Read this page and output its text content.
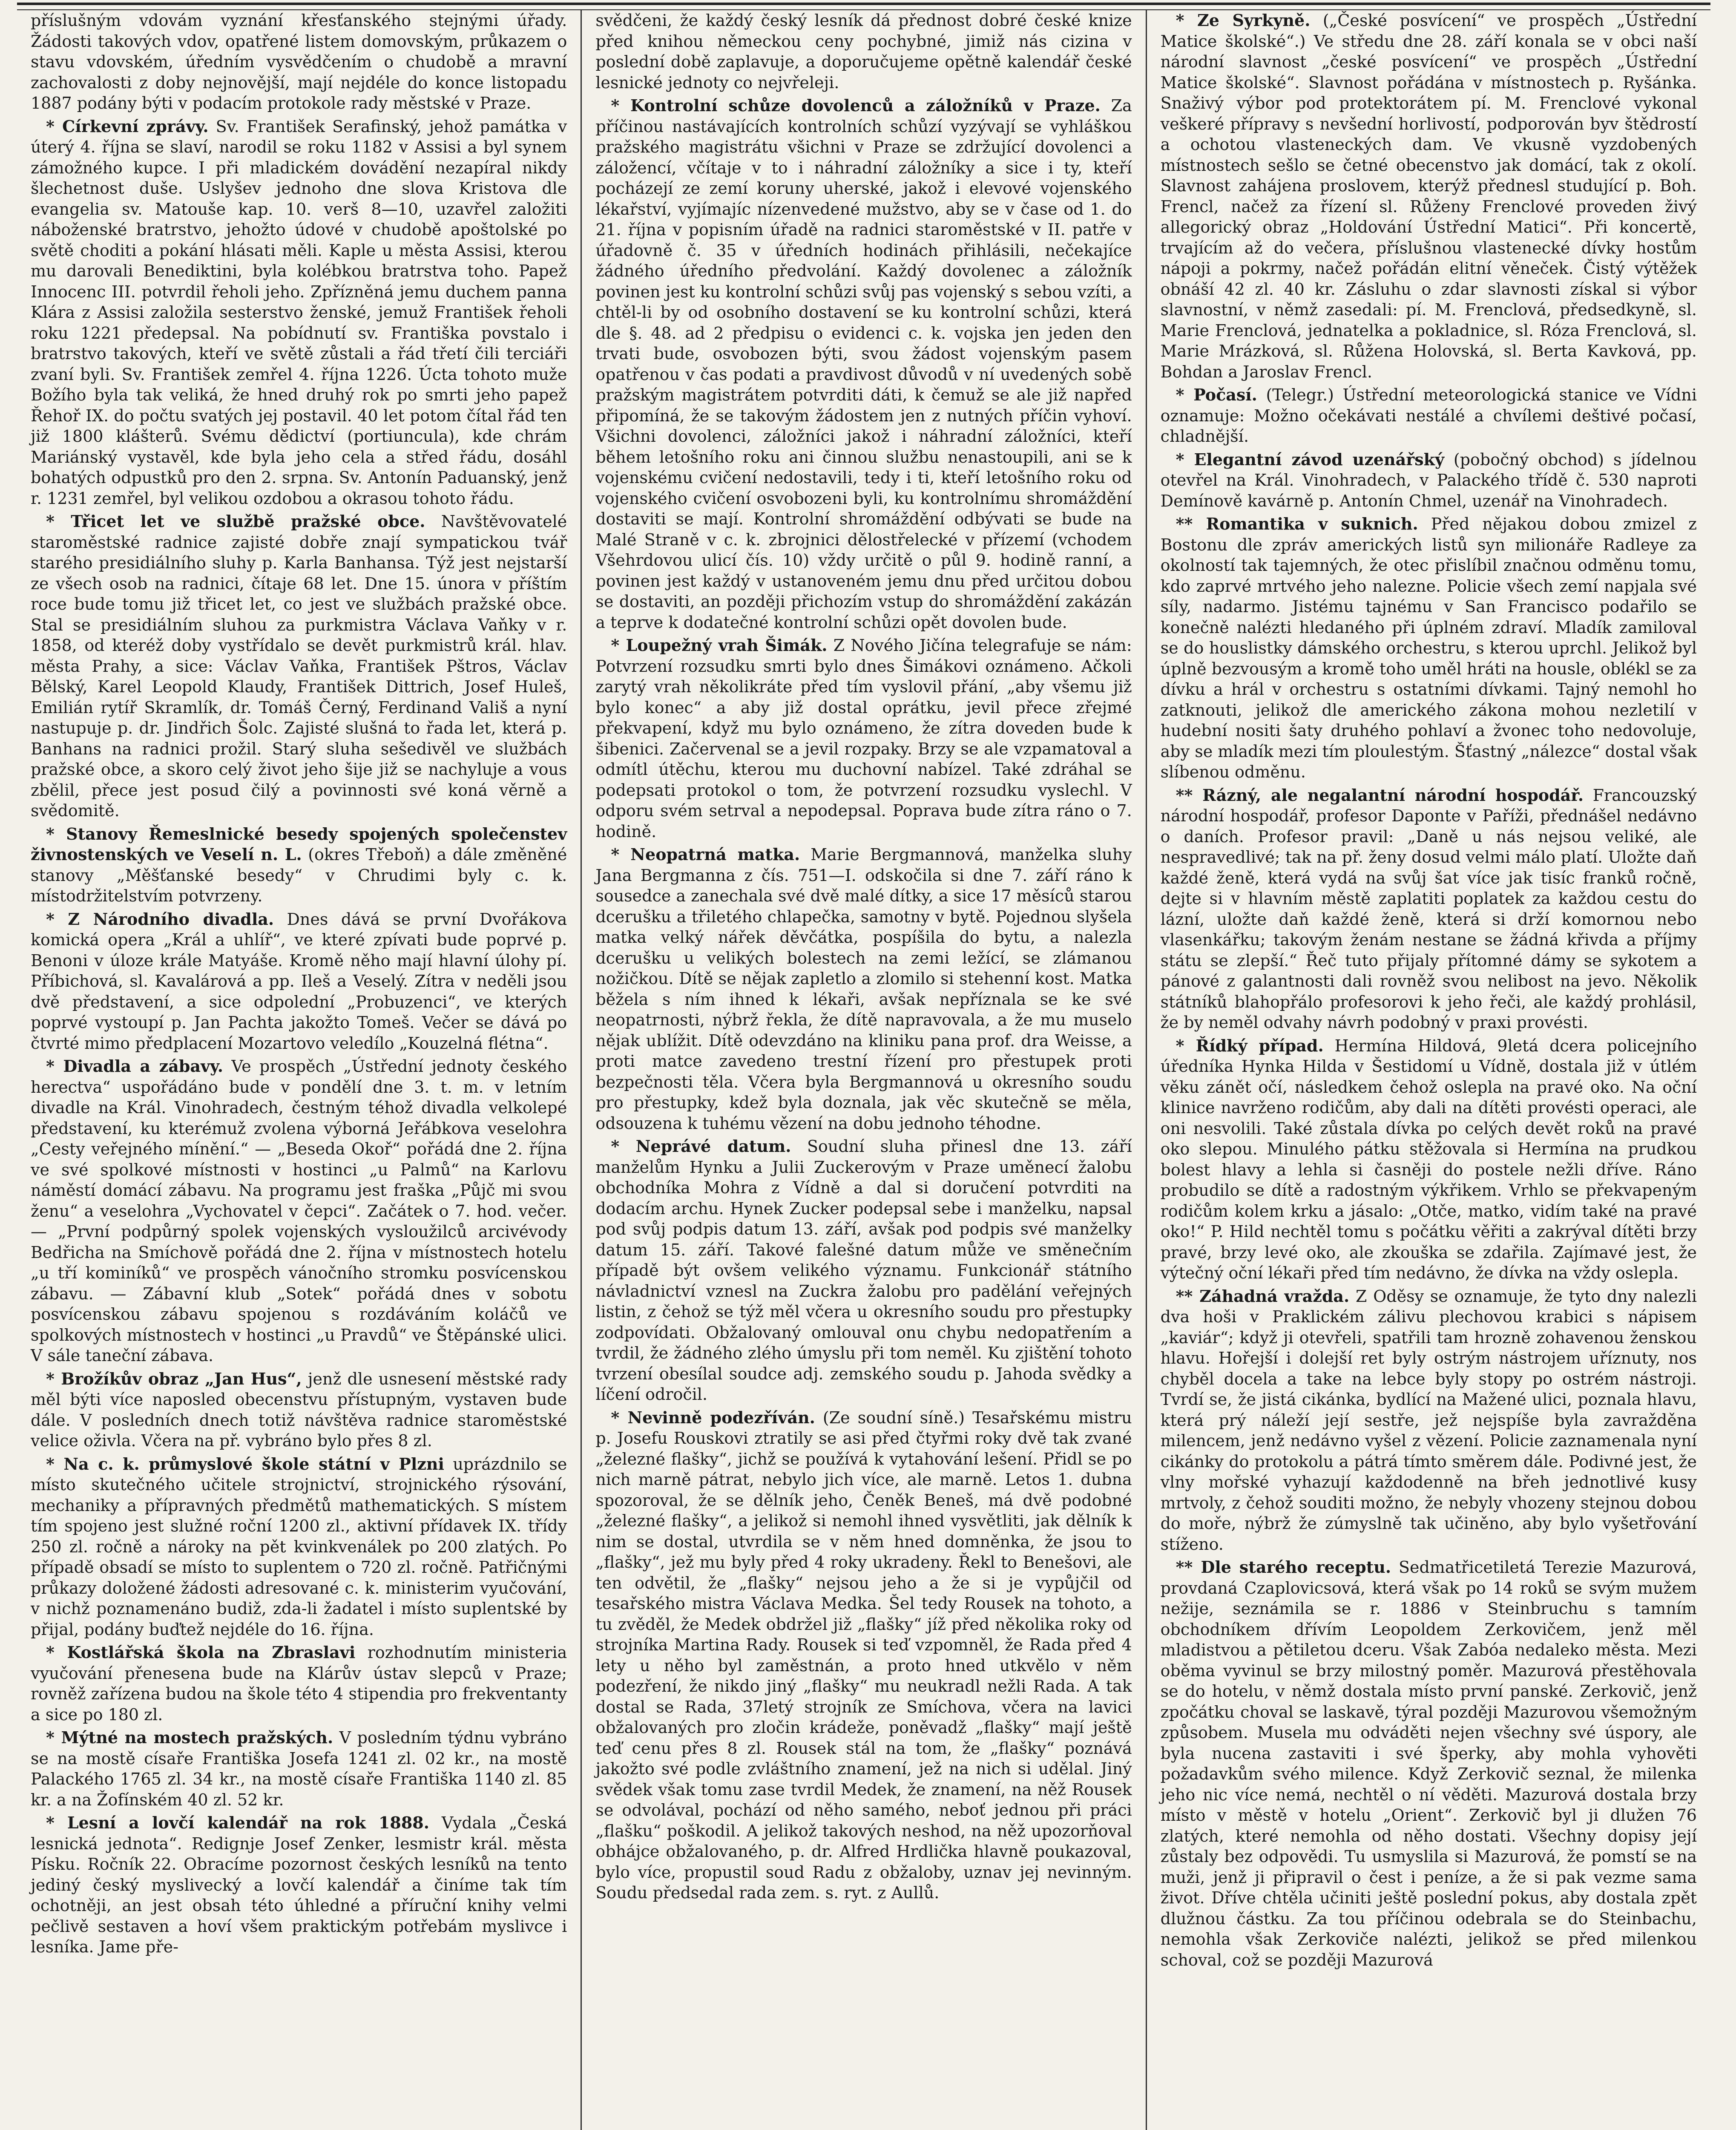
příslušným vdovám vyznání křesťanského stejnými úřady. Žádosti takových vdov, opatřené listem domovským, průkazem o stavu vdovském, úředním vysvědčením o chudobě a mravní zachovalosti z doby nejnovější, mají nejdéle do konce listopadu 1887 podány býti v podacím protokole rady městské v Praze.

* Církevní zprávy. Sv. František Serafinský, jehož památka v úterý 4. října se slaví, narodil se roku 1182 v Assisi a byl synem zámožného kupce. I při mladickém dovádění nezapíral nikdy šlechetnost duše. Uslyšev jednoho dne slova Kristova dle evangelia sv. Matouše kap. 10. verš 8—10, uzavřel založiti náboženské bratrstvo, jehožto údové v chudobě apoštolské po světě choditi a pokání hlásati měli. Kaple u města Assisi, kterou mu darovali Benediktini, byla kolébkou bratrstva toho. Papež Innocenc III. potvrdil řeholi jeho. Zpřízněná jemu duchem panna Klára z Assisi založila sesterstvo ženské, jemuž František řeholi roku 1221 předepsal. Na pobídnutí sv. Františka povstalo i bratrstvo takových, kteří ve světě zůstali a řád třetí čili terciáři zvaní byli. Sv. František zemřel 4. října 1226. Úcta tohoto muže Božího byla tak veliká, že hned druhý rok po smrti jeho papež Řehoř IX. do počtu svatých jej postavil. 40 let potom čítal řád ten již 1800 klášterů. Svému dědictví (portiuncula), kde chrám Mariánský vystavěl, kde byla jeho cela a střed řádu, dosáhl bohatých odpustků pro den 2. srpna. Sv. Antonín Paduanský, jenž r. 1231 zemřel, byl velikou ozdobou a okrasou tohoto řádu.

* Třicet let ve službě pražské obce. Navštěvovatelé staroměstské radnice zajisté dobře znají sympatickou tvář starého presidiálního sluhy p. Karla Banhansa. Týž jest nejstarší ze všech osob na radnici, čítaje 68 let. Dne 15. února v příštím roce bude tomu již třicet let, co jest ve službách pražské obce. Stal se presidiálním sluhou za purkmistra Václava Vaňky v r. 1858, od kteréž doby vystřídalo se devět purkmistrů král. hlav. města Prahy, a sice: Václav Vaňka, František Pštros, Václav Bělský, Karel Leopold Klaudy, František Dittrich, Josef Huleš, Emilián rytíř Skramlík, dr. Tomáš Černý, Ferdinand Vališ a nyní nastupuje p. dr. Jindřich Šolc. Zajisté slušná to řada let, která p. Banhans na radnici prožil. Starý sluha sešedivěl ve službách pražské obce, a skoro celý život jeho šije již se nachyluje a vous zbělil, přece jest posud čilý a povinnosti své koná věrně a svědomitě.

* Stanovy Řemeslnické besedy spojených společenstev živnostenských ve Veselí n. L. (okres Třeboň) a dále změněné stanovy „Měšťanské besedy“ v Chrudimi byly c. k. místodržitelstvím potvrzeny.

* Z Národního divadla. Dnes dává se první Dvořákova komická opera „Král a uhlíř“, ve které zpívati bude poprvé p. Benoni v úloze krále Matyáše. Kromě něho mají hlavní úlohy pí. Příbichová, sl. Kavalárová a pp. Ileš a Veselý. Zítra v neděli jsou dvě představení, a sice odpolední „Probuzenci“, ve kterých poprvé vystoupí p. Jan Pachta jakožto Tomeš. Večer se dává po čtvrté mimo předplacení Mozartovo veledílo „Kouzelná flétna“.

* Divadla a zábavy. Ve prospěch „Ústřední jednoty českého herectva“ uspořádáno bude v pondělí dne 3. t. m. v letním divadle na Král. Vinohradech, čestným téhož divadla velkolepé představení, ku kterémuž zvolena výborná Jeřábkova veselohra „Cesty veřejného mínění.“ — „Beseda Okoř“ pořádá dne 2. října ve své spolkové místnosti v hostinci „u Palmů“ na Karlovu náměstí domácí zábavu. Na programu jest fraška „Půjč mi svou ženu“ a veselohra „Vychovatel v čepci“. Začátek o 7. hod. večer. — „První podpůrný spolek vojenských vysloužilců arcivévody Bedřicha na Smíchově pořádá dne 2. října v místnostech hotelu „u tří kominíků“ ve prospěch vánočního stromku posvícenskou zábavu. — Zábavní klub „Sotek“ pořádá dnes v sobotu posvícenskou zábavu spojenou s rozdáváním koláčů ve spolkových místnostech v hostinci „u Pravdů“ ve Štěpánské ulici. V sále taneční zábava.

* Brožíkův obraz „Jan Hus“, jenž dle usnesení městské rady měl býti více naposled obecenstvu přístupným, vystaven bude dále. V posledních dnech totiž návštěva radnice staroměstské velice oživla. Včera na př. vybráno bylo přes 8 zl.

* Na c. k. průmyslové škole státní v Plzni uprázdnilo se místo skutečného učitele strojnictví, strojnického rýsování, mechaniky a přípravných předmětů mathematických. S místem tím spojeno jest služné roční 1200 zl., aktivní přídavek IX. třídy 250 zl. ročně a nároky na pět kvinkvenálek po 200 zlatých. Po případě obsadí se místo to suplentem o 720 zl. ročně. Patřičnými průkazy doložené žádosti adresované c. k. ministerim vyučování, v nichž poznamenáno budiž, zda-li žadatel i místo suplentské by přijal, podány buďtež nejdéle do 16. října.

* Kostlářská škola na Zbraslavi rozhodnutím ministeria vyučování přenesena bude na Klárův ústav slepců v Praze; rovněž zařízena budou na škole této 4 stipendia pro frekventanty a sice po 180 zl.

* Mýtné na mostech pražských. V posledním týdnu vybráno se na mostě císaře Františka Josefa 1241 zl. 02 kr., na mostě Palackého 1765 zl. 34 kr., na mostě císaře Františka 1140 zl. 85 kr. a na Žofínském 40 zl. 52 kr.

* Lesní a lovčí kalendář na rok 1888. Vydala „Česká lesnická jednota“. Redignje Josef Zenker, lesmistr král. města Písku. Ročník 22. Obracíme pozornost českých lesníků na tento jediný český myslivecký a lovčí kalendář a činíme tak tím ochotněji, an jest obsah této úhledné a příruční knihy velmi pečlivě sestaven a hoví všem praktickým potřebám myslivce i lesníka. Jame pře-

svědčeni, že každý český lesník dá přednost dobré české knize před knihou německou ceny pochybné, jimiž nás cizina v poslední době zaplavuje, a doporučujeme opětně kalendář české lesnické jednoty co nejvřeleji.

* Kontrolní schůze dovolenců a záložníků v Praze. Za příčinou nastávajících kontrolních schůzí vyzývají se vyhláškou pražského magistrátu všichni v Praze se zdržující dovolenci a záložencí, včítaje v to i náhradní záložníky a sice i ty, kteří pocházejí ze zemí koruny uherské, jakož i elevové vojenského lékařství, vyjímajíc nízenvedené mužstvo, aby se v čase od 1. do 21. října v popisním úřadě na radnici staroměstské v II. patře v úřadovně č. 35 v úředních hodinách přihlásili, nečekajíce žádného úředního předvolání. Každý dovolenec a záložník povinen jest ku kontrolní schůzi svůj pas vojenský s sebou vzíti, a chtěl-li by od osobního dostavení se ku kontrolní schůzi, která dle §. 48. ad 2 předpisu o evidenci c. k. vojska jen jeden den trvati bude, osvobozen býti, svou žádost vojenským pasem opatřenou v čas podati a pravdivost důvodů v ní uvedených sobě pražským magistrátem potvrditi dáti, k čemuž se ale již napřed připomíná, že se takovým žádostem jen z nutných příčin vyhoví. Všichni dovolenci, záložníci jakož i náhradní záložníci, kteří během letošního roku ani činnou službu nenastoupili, ani se k vojenskému cvičení nedostavili, tedy i ti, kteří letošního roku od vojenského cvičení osvobozeni byli, ku kontrolnímu shromáždění dostaviti se mají. Kontrolní shromáždění odbývati se bude na Malé Straně v c. k. zbrojnici dělostřelecké v přízemí (vchodem Všehrdovou ulicí čís. 10) vždy určitě o půl 9. hodině ranní, a povinen jest každý v ustanoveném jemu dnu před určitou dobou se dostaviti, an později přichozím vstup do shromáždění zakázán a teprve k dodatečné kontrolní schůzi opět dovolen bude.

* Loupežný vrah Šimák. Z Nového Jičína telegrafuje se nám: Potvrzení rozsudku smrti bylo dnes Šimákovi oznámeno. Ačkoli zarytý vrah několikráte před tím vyslovil přání, „aby všemu již bylo konec“ a aby již dostal oprátku, jevil přece zřejmé překvapení, když mu bylo oznámeno, že zítra doveden bude k šibenici. Začervenal se a jevil rozpaky. Brzy se ale vzpamatoval a odmítl útěchu, kterou mu duchovní nabízel. Také zdráhal se podepsati protokol o tom, že potvrzení rozsudku vyslechl. V odporu svém setrval a nepodepsal. Poprava bude zítra ráno o 7. hodině.

* Neopatrná matka. Marie Bergmannová, manželka sluhy Jana Bergmanna z čís. 751—I. odskočila si dne 7. září ráno k sousedce a zanechala své dvě malé dítky, a sice 17 měsíců starou dcerušku a třiletého chlapečka, samotny v bytě. Pojednou slyšela matka velký nářek děvčátka, pospíšila do bytu, a nalezla dcerušku u velikých bolestech na zemi ležící, se zlámanou nožičkou. Dítě se nějak zapletlo a zlomilo si stehenní kost. Matka běžela s ním ihned k lékaři, avšak nepříznala se ke své neopatrnosti, nýbrž řekla, že dítě napravovala, a že mu muselo nějak ublížit. Dítě odevzdáno na kliniku pana prof. dra Weisse, a proti matce zavedeno trestní řízení pro přestupek proti bezpečnosti těla. Včera byla Bergmannová u okresního soudu pro přestupky, kdež byla doznala, jak věc skutečně se měla, odsouzena k tuhému vězení na dobu jednoho téhodne.

* Neprávé datum. Soudní sluha přinesl dne 13. září manželům Hynku a Julii Zuckerovým v Praze uměnecí žalobu obchodníka Mohra z Vídně a dal si doručení potvrditi na dodacím archu. Hynek Zucker podepsal sebe i manželku, napsal pod svůj podpis datum 13. září, avšak pod podpis své manželky datum 15. září. Takové falešné datum může ve směnečním případě být ovšem velikého významu. Funkcionář státního návladnictví vznesl na Zuckra žalobu pro padělání veřejných listin, z čehož se týž měl včera u okresního soudu pro přestupky zodpovídati. Obžalovaný omlouval onu chybu nedopatřením a tvrdil, že žádného zlého úmyslu při tom neměl. Ku zjištění tohoto tvrzení obesílal soudce adj. zemského soudu p. Jahoda svědky a líčení odročil.

* Nevinně podezříván. (Ze soudní síně.) Tesařskému mistru p. Josefu Rouskovi ztratily se asi před čtyřmi roky dvě tak zvané „železné flašky“, jichž se používá k vytahování lešení. Přidl se po nich marně pátrat, nebylo jich více, ale marně. Letos 1. dubna spozoroval, že se dělník jeho, Čeněk Beneš, má dvě podobné „železné flašky“, a jelikož si nemohl ihned vysvětliti, jak dělník k nim se dostal, utvrdila se v něm hned domněnka, že jsou to „flašky“, jež mu byly před 4 roky ukradeny. Řekl to Benešovi, ale ten odvětil, že „flašky“ nejsou jeho a že si je vypůjčil od tesařského mistra Václava Medka. Šel tedy Rousek na tohoto, a tu zvěděl, že Medek obdržel již „flašky“ jíž před několika roky od strojníka Martina Rady. Rousek si teď vzpomněl, že Rada před 4 lety u něho byl zaměstnán, a proto hned utkvělo v něm podezření, že nikdo jiný „flašky“ mu neukradl nežli Rada. A tak dostal se Rada, 37letý strojník ze Smíchova, včera na lavici obžalovaných pro zločin krádeže, poněvadž „flašky“ mají ještě teď cenu přes 8 zl. Rousek stál na tom, že „flašky“ poznává jakožto své podle zvláštního znamení, jež na nich si udělal. Jiný svědek však tomu zase tvrdil Medek, že znamení, na něž Rousek se odvolával, pochází od něho samého, neboť jednou při práci „flašku“ poškodil. A jelikož takových neshod, na něž upozorňoval obhájce obžalovaného, p. dr. Alfred Hrdlička hlavně poukazoval, bylo více, propustil soud Radu z obžaloby, uznav jej nevinným. Soudu předsedal rada zem. s. ryt. z Aullů.

* Ze Syrkyně. („České posvícení“ ve prospěch „Ústřední Matice školské“.) Ve středu dne 28. září konala se v obci naší národní slavnost „české posvícení“ ve prospěch „Ústřední Matice školské“. Slavnost pořádána v místnostech p. Ryšánka. Snaživý výbor pod protektorátem pí. M. Frenclové vykonal veškeré přípravy s nevšední horlivostí, podporován byv štědrostí a ochotou vlasteneckých dam. Ve vkusně vyzdobených místnostech sešlo se četné obecenstvo jak domácí, tak z okolí. Slavnost zahájena proslovem, kterýž přednesl studující p. Boh. Frencl, načež za řízení sl. Růženy Frenclové proveden živý allegorický obraz „Holdování Ústřední Matici“. Při koncertě, trvajícím až do večera, příslušnou vlastenecké dívky hostům nápoji a pokrmy, načež pořádán elitní věneček. Čistý výtěžek obnáší 42 zl. 40 kr. Zásluhu o zdar slavnosti získal si výbor slavnostní, v němž zasedali: pí. M. Frenclová, předsedkyně, sl. Marie Frenclová, jednatelka a pokladnice, sl. Róza Frenclová, sl. Marie Mrázková, sl. Růžena Holovská, sl. Berta Kavková, pp. Bohdan a Jaroslav Frencl.

* Počasí. (Telegr.) Ústřední meteorologická stanice ve Vídni oznamuje: Možno očekávati nestálé a chvílemi deštivé počasí, chladnější.

* Elegantní závod uzenářský (pobočný obchod) s jídelnou otevřel na Král. Vinohradech, v Palackého třídě č. 530 naproti Demínově kavárně p. Antonín Chmel, uzenář na Vinohradech.

** Romantika v suknich. Před nějakou dobou zmizel z Bostonu dle zpráv amerických listů syn milionáře Radleye za okolností tak tajemných, že otec přislíbil značnou odměnu tomu, kdo zaprvé mrtvého jeho nalezne. Policie všech zemí napjala své síly, nadarmo. Jistému tajnému v San Francisco podařilo se konečně nalézti hledaného při úplném zdraví. Mladík zamiloval se do houslistky dámského orchestru, s kterou uprchl. Jelikož byl úplně bezvousým a kromě toho uměl hráti na housle, oblékl se za dívku a hrál v orchestru s ostatními dívkami. Tajný nemohl ho zatknouti, jelikož dle amerického zákona mohou nezletilí v hudební nositi šaty druhého pohlaví a žvonec toho nedovoluje, aby se mladík mezi tím ploulestým. Šťastný „nálezce“ dostal však slíbenou odměnu.

** Rázný, ale negalantní národní hospodář. Francouzský národní hospodář, profesor Daponte v Paříži, přednášel nedávno o daních. Profesor pravil: „Daně u nás nejsou veliké, ale nespravedlivé; tak na př. ženy dosud velmi málo platí. Uložte daň každé ženě, která vydá na svůj šat více jak tisíc franků ročně, dejte si v hlavním městě zaplatiti poplatek za každou cestu do lázní, uložte daň každé ženě, která si drží komornou nebo vlasenkářku; takovým ženám nestane se žádná křivda a příjmy státu se zlepší.“ Řeč tuto přijaly přítomné dámy se sykotem a pánové z galantnosti dali rovněž svou nelibost na jevo. Několik státníků blahopřálo profesorovi k jeho řeči, ale každý prohlásil, že by neměl odvahy návrh podobný v praxi provésti.

* Řídký případ. Hermína Hildová, 9letá dcera policejního úředníka Hynka Hilda v Šestidomí u Vídně, dostala již v útlém věku zánět očí, následkem čehož oslepla na pravé oko. Na oční klinice navrženo rodičům, aby dali na dítěti provésti operaci, ale oni nesvolili. Také zůstala dívka po celých devět roků na pravé oko slepou. Minulého pátku stěžovala si Hermína na prudkou bolest hlavy a lehla si časněji do postele nežli dříve. Ráno probudilo se dítě a radostným výkřikem. Vrhlo se překvapeným rodičům kolem krku a jásalo: „Otče, matko, vidím také na pravé oko!“ P. Hild nechtěl tomu s počátku věřiti a zakrýval dítěti brzy pravé, brzy levé oko, ale zkouška se zdařila. Zajímavé jest, že výtečný oční lékaři před tím nedávno, že dívka na vždy oslepla.

** Záhadná vražda. Z Oděsy se oznamuje, že tyto dny nalezli dva hoši v Praklickém zálivu plechovou krabici s nápisem „kaviár“; když ji otevřeli, spatřili tam hrozně zohavenou ženskou hlavu. Hořejší i dolejší ret byly ostrým nástrojem uříznuty, nos chyběl docela a take na lebce byly stopy po ostrém nástroji. Tvrdí se, že jistá cikánka, bydlící na Mažené ulici, poznala hlavu, která prý náleží její sestře, jež nejspíše byla zavražděna milencem, jenž nedávno vyšel z vězení. Policie zaznamenala nyní cikánky do protokolu a pátrá tímto směrem dále. Podivné jest, že vlny mořské vyhazují každodenně na břeh jednotlivé kusy mrtvoly, z čehož souditi možno, že nebyly vhozeny stejnou dobou do moře, nýbrž že zúmyslně tak učiněno, aby bylo vyšetřování stíženo.

** Dle starého receptu. Sedmatřicetiletá Terezie Mazurová, provdaná Czaplovicsová, která však po 14 roků se svým mužem nežije, seznámila se r. 1886 v Steinbruchu s tamním obchodníkem dřívím Leopoldem Zerkovičem, jenž měl mladistvou a pětiletou dceru. Však Zabóa nedaleko města. Mezi oběma vyvinul se brzy milostný poměr. Mazurová přestěhovala se do hotelu, v němž dostala místo první panské. Zerkovič, jenž zpočátku choval se laskavě, týral později Mazurovou všemožným způsobem. Musela mu odváděti nejen všechny své úspory, ale byla nucena zastaviti i své šperky, aby mohla vyhověti požadavkům svého milence. Když Zerkovič seznal, že milenka jeho nic více nemá, nechtěl o ní věděti. Mazurová dostala brzy místo v městě v hotelu „Orient“. Zerkovič byl ji dlužen 76 zlatých, které nemohla od něho dostati. Všechny dopisy její zůstaly bez odpovědi. Tu usmyslila si Mazurová, že pomstí se na muži, jenž ji připravil o čest i peníze, a že si pak vezme sama život. Dříve chtěla učiniti ještě poslední pokus, aby dostala zpět dlužnou částku. Za tou příčinou odebrala se do Steinbachu, nemohla však Zerkoviče nalézti, jelikož se před milenkou schoval, což se později Mazurová
